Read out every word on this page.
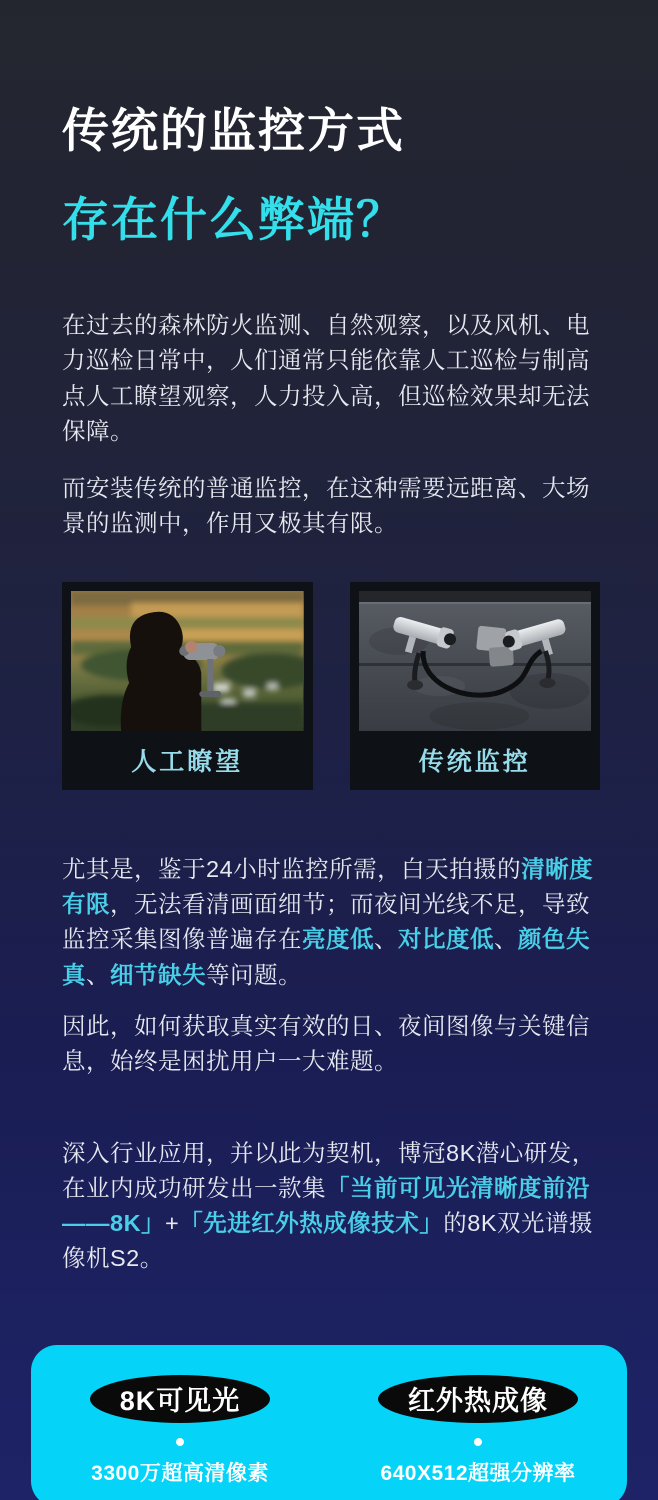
传统的监控方式
存在什么弊端？

在过去的森林防火监测、自然观察，以及风机、电力巡检日常中，人们通常只能依靠人工巡检与制高点人工瞭望观察，人力投入高，但巡检效果却无法保障。

而安装传统的普通监控，在这种需要远距离、大场景的监测中，作用又极其有限。

人工瞭望	传统监控

尤其是，鉴于24小时监控所需，白天拍摄的清晰度有限，无法看清画面细节；而夜间光线不足，导致监控采集图像普遍存在亮度低、对比度低、颜色失真、细节缺失等问题。

因此，如何获取真实有效的日、夜间图像与关键信息，始终是困扰用户一大难题。

深入行业应用，并以此为契机，博冠8K潜心研发，在业内成功研发出一款集「当前可见光清晰度前沿——8K」+「先进红外热成像技术」的8K双光谱摄像机S2。

8K可见光
3300万超高清像素
红外热成像
640X512超强分辨率
